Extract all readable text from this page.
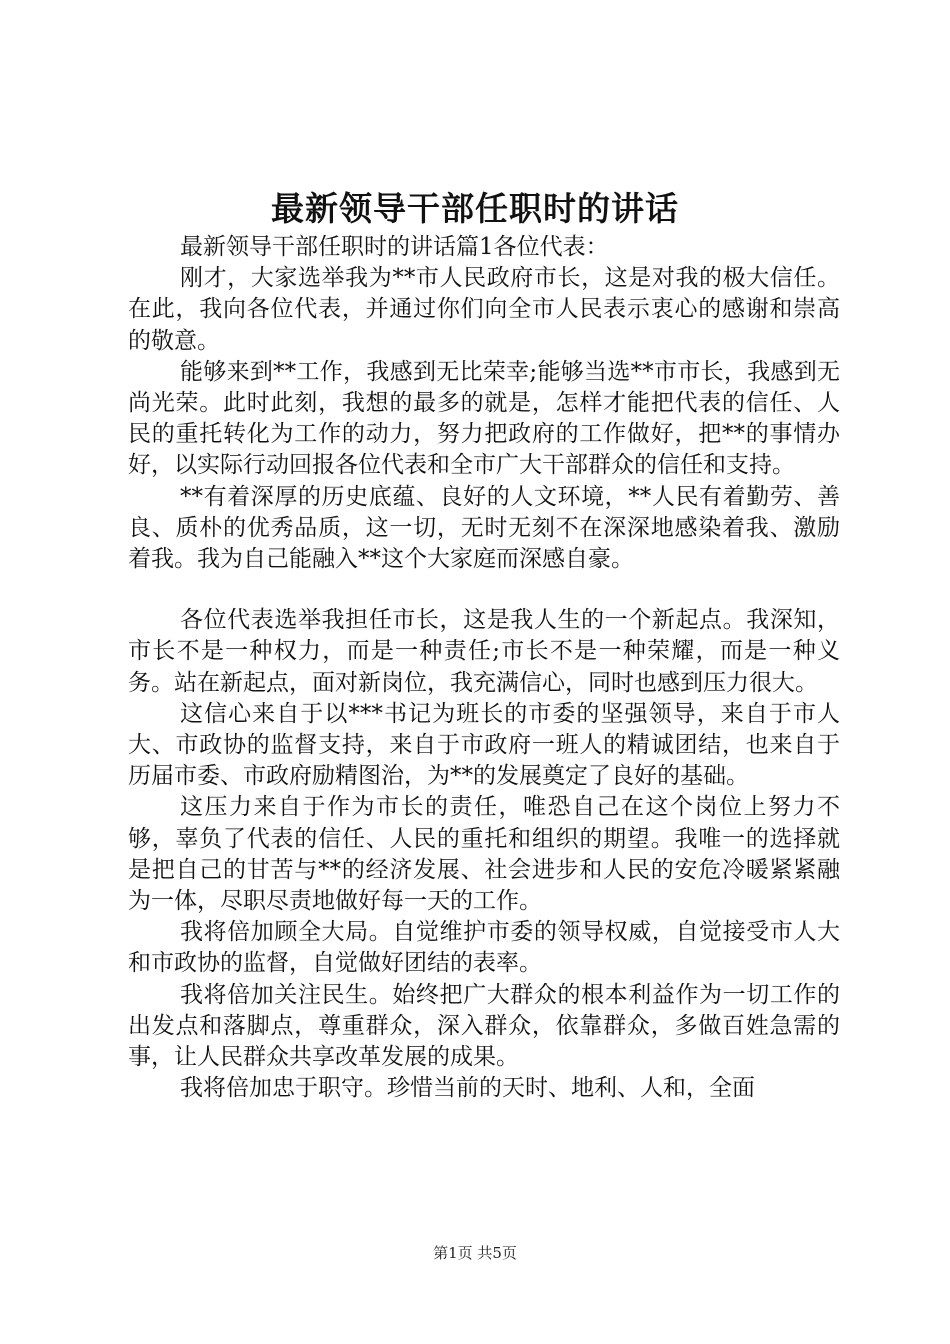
最新领导干部任职时的讲话

最新领导干部任职时的讲话篇1各位代表：

刚才，大家选举我为**市人民政府市长，这是对我的极大信任。在此，我向各位代表，并通过你们向全市人民表示衷心的感谢和崇高的敬意。

能够来到**工作，我感到无比荣幸;能够当选**市市长，我感到无尚光荣。此时此刻，我想的最多的就是，怎样才能把代表的信任、人民的重托转化为工作的动力，努力把政府的工作做好，把**的事情办好，以实际行动回报各位代表和全市广大干部群众的信任和支持。

**有着深厚的历史底蕴、良好的人文环境，**人民有着勤劳、善良、质朴的优秀品质，这一切，无时无刻不在深深地感染着我、激励着我。我为自己能融入**这个大家庭而深感自豪。

各位代表选举我担任市长，这是我人生的一个新起点。我深知，市长不是一种权力，而是一种责任;市长不是一种荣耀，而是一种义务。站在新起点，面对新岗位，我充满信心，同时也感到压力很大。

这信心来自于以***书记为班长的市委的坚强领导，来自于市人大、市政协的监督支持，来自于市政府一班人的精诚团结，也来自于历届市委、市政府励精图治，为**的发展奠定了良好的基础。

这压力来自于作为市长的责任，唯恐自己在这个岗位上努力不够，辜负了代表的信任、人民的重托和组织的期望。我唯一的选择就是把自己的甘苦与**的经济发展、社会进步和人民的安危冷暖紧紧融为一体，尽职尽责地做好每一天的工作。

我将倍加顾全大局。自觉维护市委的领导权威，自觉接受市人大和市政协的监督，自觉做好团结的表率。

我将倍加关注民生。始终把广大群众的根本利益作为一切工作的出发点和落脚点，尊重群众，深入群众，依靠群众，多做百姓急需的事，让人民群众共享改革发展的成果。

我将倍加忠于职守。珍惜当前的天时、地利、人和，全面

第1页 共5页
